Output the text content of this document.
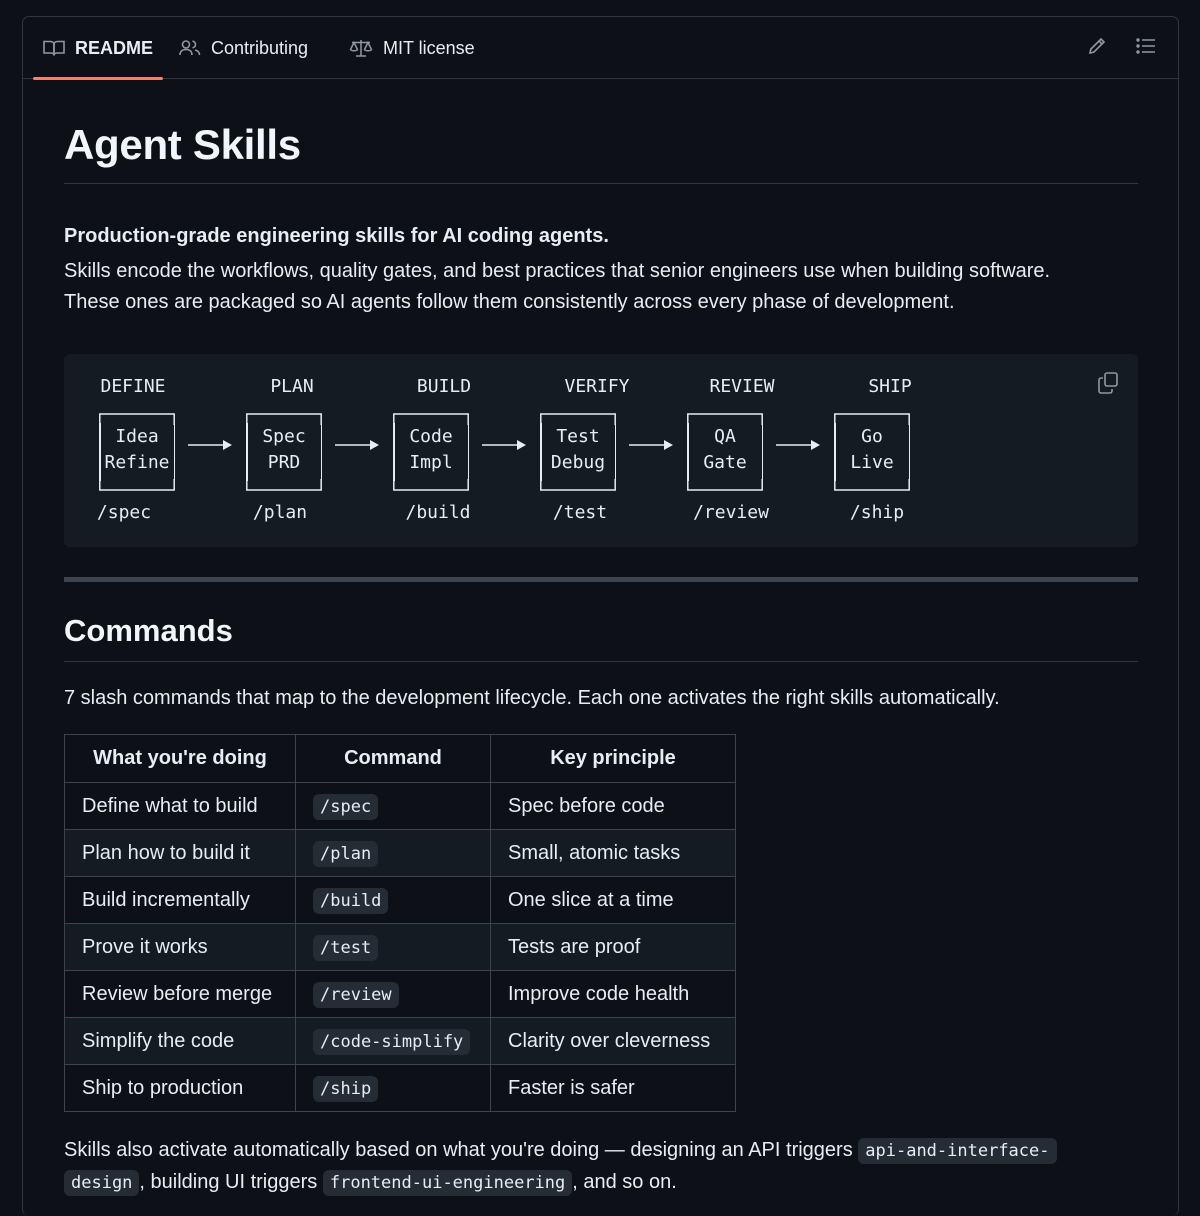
README	Contributing	MIT license
Agent Skills

Production-grade engineering skills for AI coding agents.

Skills encode the workflows, quality gates, and best practices that senior engineers use when building software.
These ones are packaged so AI agents follow them consistently across every phase of development.

DEFINE
Idea
Refine
/spec
PLAN
Spec
PRD
/plan
BUILD
Code
Impl
/build
VERIFY
Test
Debug
/test
REVIEW
QA
Gate
/review
SHIP
Go
Live
/ship
Commands

7 slash commands that map to the development lifecycle. Each one activates the right skills automatically.

What you're doing	Command	Key principle
Define what to build	/spec	Spec before code
Plan how to build it	/plan	Small, atomic tasks
Build incrementally	/build	One slice at a time
Prove it works	/test	Tests are proof
Review before merge	/review	Improve code health
Simplify the code	/code-simplify	Clarity over cleverness
Ship to production	/ship	Faster is safer

Skills also activate automatically based on what you're doing — designing an API triggers api-and-interface-
design , building UI triggers frontend-ui-engineering , and so on.
